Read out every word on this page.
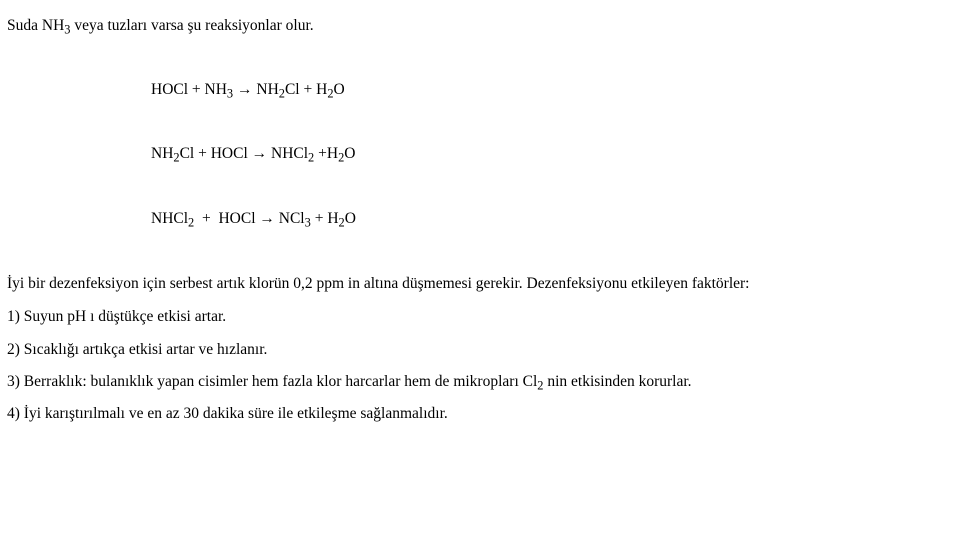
Suda $NH_3$ veya tuzları varsa şu reaksiyonlar olur.
HOCl + $NH_3 \to NH_2Cl + H_2O$
$NH_2Cl$ + HOCl → NHCl$_2$ $+H_2O$
NHCl$_2$  +  HOCl → $NCl_3 + H_2O$
İyi bir dezenfeksiyon için serbest artık klorün 0,2 ppm in altına düşmemesi gerekir. Dezenfeksiyonu etkileyen faktörler:
1) Suyun pH ı düştükçe etkisi artar.
2) Sıcaklığı artıkça etkisi artar ve hızlanır.
3) Berraklık: bulanıklık yapan cisimler hem fazla klor harcarlar hem de mikropları $Cl_2$ nin etkisinden korurlar.
4) İyi karıştırılmalı ve en az 30 dakika süre ile etkileşme sağlanmalıdır.
